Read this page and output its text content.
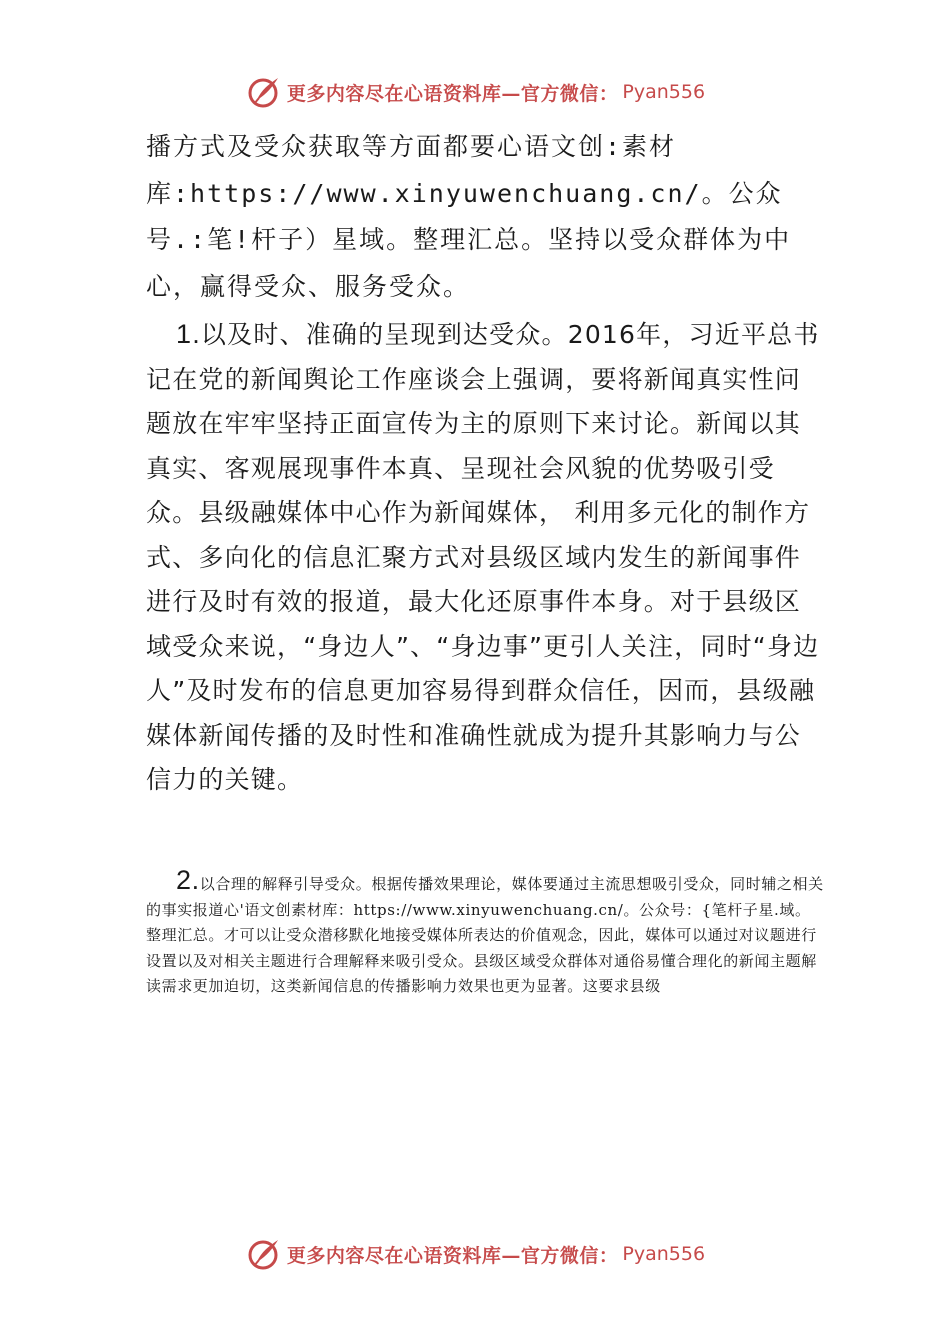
更多内容尽在心语资料库—官方微信： Pyan556
播方式及受众获取等方面都要心语文创:素材库:https://www.xinyuwenchuang.cn/。公众号.:笔!杆子）星域。整理汇总。坚持以受众群体为中心，赢得受众、服务受众。
1.以及时、准确的呈现到达受众。2016年，习近平总书记在党的新闻舆论工作座谈会上强调，要将新闻真实性问题放在牢牢坚持正面宣传为主的原则下来讨论。新闻以其真实、客观展现事件本真、呈现社会风貌的优势吸引受众。县级融媒体中心作为新闻媒体， 利用多元化的制作方式、多向化的信息汇聚方式对县级区域内发生的新闻事件进行及时有效的报道，最大化还原事件本身。对于县级区域受众来说，“身边人”、“身边事”更引人关注，同时“身边人”及时发布的信息更加容易得到群众信任，因而，县级融媒体新闻传播的及时性和准确性就成为提升其影响力与公信力的关键。
2.以合理的解释引导受众。根据传播效果理论，媒体要通过主流思想吸引受众，同时辅之相关的事实报道心'语文创素材库：https://www.xinyuwenchuang.cn/。公众号：{笔杆子星.域。整理汇总。才可以让受众潜移默化地接受媒体所表达的价值观念，因此，媒体可以通过对议题进行设置以及对相关主题进行合理解释来吸引受众。县级区域受众群体对通俗易懂合理化的新闻主题解读需求更加迫切，这类新闻信息的传播影响力效果也更为显著。这要求县级
更多内容尽在心语资料库—官方微信： Pyan556
